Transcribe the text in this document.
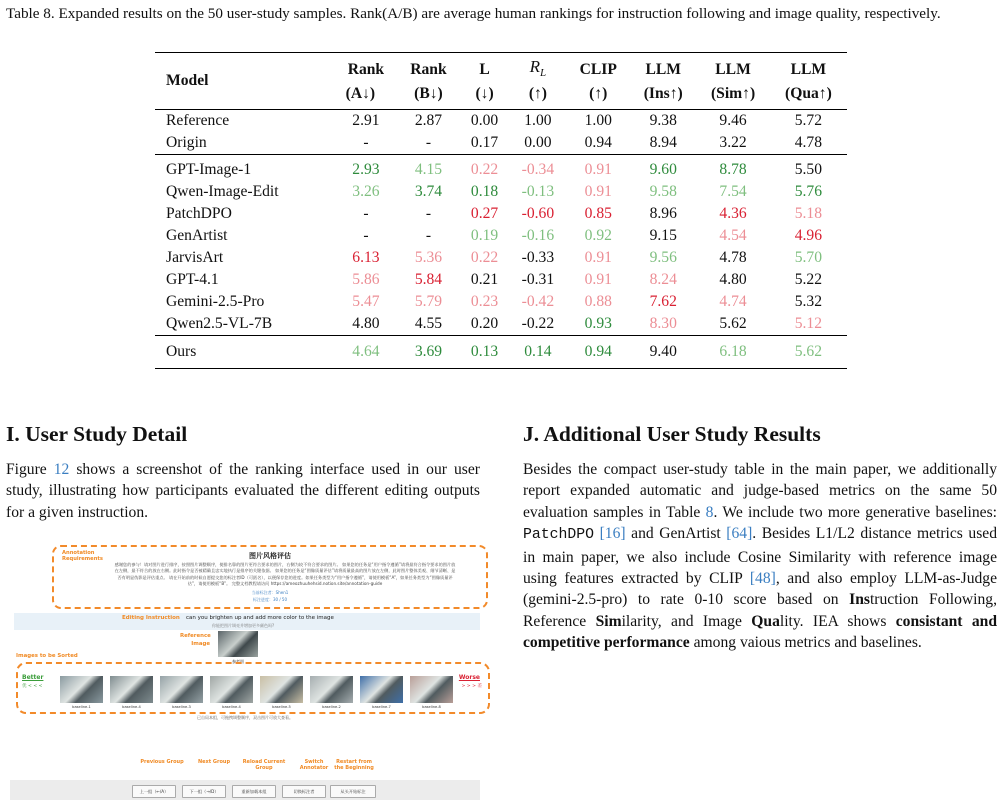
Table 8. Expanded results on the 50 user-study samples. Rank(A/B) are average human rankings for instruction following and image quality, respectively.
Model	Rank	Rank	L	$R_L$	CLIP	LLM	LLM	LLM
	(A↓)	(B↓)	(↓)	(↑)	(↑)	(Ins↑)	(Sim↑)	(Qua↑)
Reference	2.91	2.87	0.00	1.00	1.00	9.38	9.46	5.72
Origin	-	-	0.17	0.00	0.94	8.94	3.22	4.78
GPT-Image-1	2.93	4.15	0.22	-0.34	0.91	9.60	8.78	5.50
Qwen-Image-Edit	3.26	3.74	0.18	-0.13	0.91	9.58	7.54	5.76
PatchDPO	-	-	0.27	-0.60	0.85	8.96	4.36	5.18
GenArtist	-	-	0.19	-0.16	0.92	9.15	4.54	4.96
JarvisArt	6.13	5.36	0.22	-0.33	0.91	9.56	4.78	5.70
GPT-4.1	5.86	5.84	0.21	-0.31	0.91	8.24	4.80	5.22
Gemini-2.5-Pro	5.47	5.79	0.23	-0.42	0.88	7.62	4.74	5.32
Qwen2.5-VL-7B	4.80	4.55	0.20	-0.22	0.93	8.30	5.62	5.12
Ours	4.64	3.69	0.13	0.14	0.94	9.40	6.18	5.62
I. User Study Detail

Figure 12 shows a screenshot of the ranking interface used in our user study, illustrating how participants evaluated the different editing outputs for a given instruction.

J. Additional User Study Results

Besides the compact user-study table in the main paper, we additionally report expanded automatic and judge-based metrics on the same 50 evaluation samples in Table 8. We include two more generative baselines: PatchDPO [16] and GenArtist [64]. Besides L1/L2 distance metrics used in main paper, we also include Cosine Similarity with reference image using features extracted by CLIP [48], and also employ LLM-as-Judge (gemini-2.5-pro) to rate 0-10 score based on Instruction Following, Reference Similarity, and Image Quality. IEA shows consistant and competitive performance among vaious metrics and baselines.

Annotation Requirements	图片风格评估
感谢您的参与！请对图片进行排序，按照图片调整顺序，使排名靠的图片更符合要求的图片，右侧为较不符合要求的图片。 如果您的任务是“用户指令遵循”请将最符合指令要求的图片放在左侧，最不符合的放在右侧。此时指令是否被精确且忠实地执行是排序的关键依据。 如果您的任务是“图像质量评估”请将质量最高的图片放在左侧，此时图片整体美观、细节清晰、是否有明显伪影是评估重点。 请在开始前的时候自愿提交您的标注者ID（可匿名），以便保存您的进度。如果任务类型为“用户指令遵循”，请使用模板“A”，如果任务类型为“图像质量评估”，请使用模板“B”。 完整文档教程请访问 https://ameozhuuhehsid.notion.site/annotation-guide
当前标注者：Shen1
标注进度：30 / 50
Editing Instruction can you brighten up and add more color to the image
你能把图片调亮并增加更多颜色吗?
Reference Image
参考图
Images to be Sorted
Better
优 < < <
Worse
> > > 差
baseline-1	baseline-4	baseline-3	baseline-4	baseline-5	baseline-2	baseline-7	baseline-8
已自局本组，可拖拽调整顺序，双击图片可放大查看。
Previous Group	Next Group	Reload Current Group
Switch Annotator
Restart from the Beginning
上一组（←/A）	下一组（→/D）	重新加载本组	切换标注者	从头开始标注
